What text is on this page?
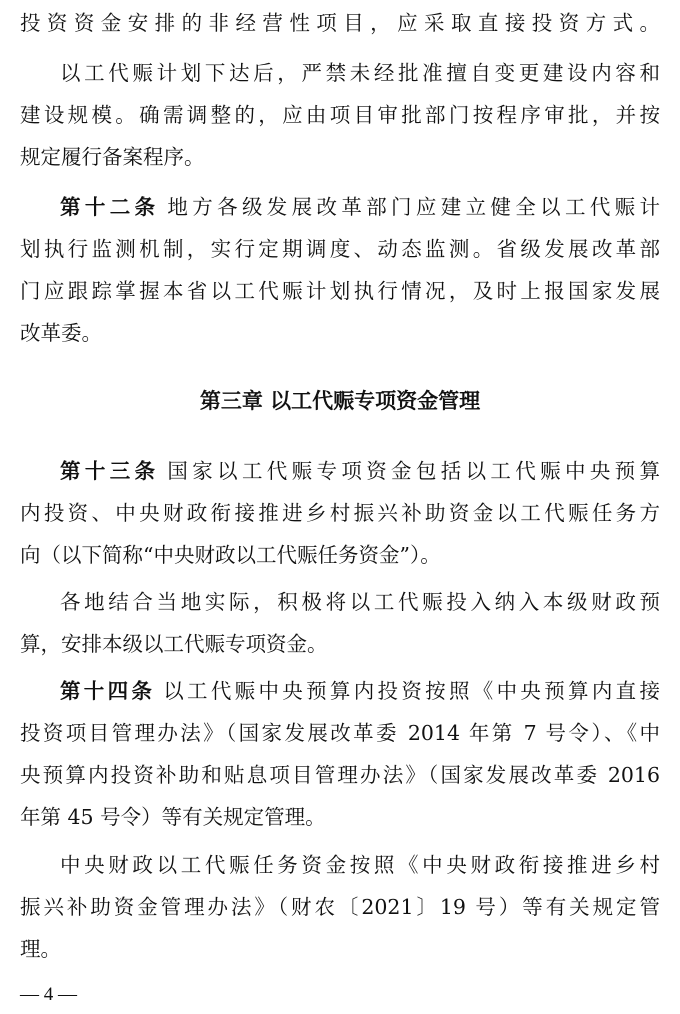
投资资金安排的非经营性项目，应采取直接投资方式。
以工代赈计划下达后，严禁未经批准擅自变更建设内容和
建设规模。确需调整的，应由项目审批部门按程序审批，并按
规定履行备案程序。
第十二条 地方各级发展改革部门应建立健全以工代赈计
划执行监测机制，实行定期调度、动态监测。省级发展改革部
门应跟踪掌握本省以工代赈计划执行情况，及时上报国家发展
改革委。
第三章 以工代赈专项资金管理
第十三条 国家以工代赈专项资金包括以工代赈中央预算
内投资、中央财政衔接推进乡村振兴补助资金以工代赈任务方
向（以下简称“中央财政以工代赈任务资金”）。
各地结合当地实际，积极将以工代赈投入纳入本级财政预
算，安排本级以工代赈专项资金。
第十四条 以工代赈中央预算内投资按照《中央预算内直接
投资项目管理办法》（国家发展改革委 2014 年第 7 号令）、《中
央预算内投资补助和贴息项目管理办法》（国家发展改革委 2016
年第 45 号令）等有关规定管理。
中央财政以工代赈任务资金按照《中央财政衔接推进乡村
振兴补助资金管理办法》（财农〔2021〕19 号）等有关规定管
理。
— 4 —
